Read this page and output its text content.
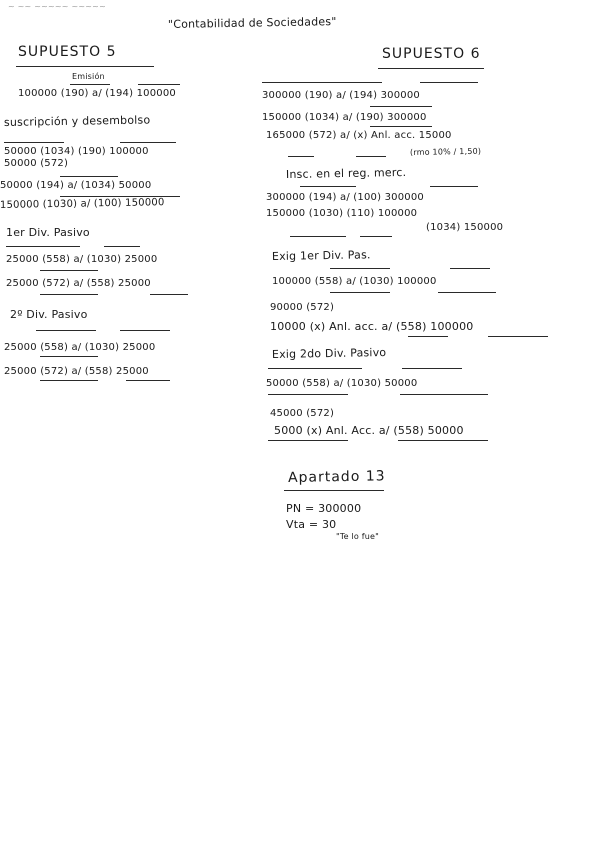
~ ~~ ~~~~~ ~~~~~
"Contabilidad de Sociedades"
SUPUESTO 5
Emisión
100000 (190) a/ (194) 100000
suscripción y desembolso
50000 (1034) (190) 100000
50000 (572)
50000 (194) a/ (1034) 50000
150000 (1030) a/ (100) 150000
1er Div. Pasivo
25000 (558) a/ (1030) 25000
25000 (572) a/ (558) 25000
2º Div. Pasivo
25000 (558) a/ (1030) 25000
25000 (572) a/ (558) 25000
SUPUESTO 6
300000 (190) a/ (194) 300000
150000 (1034) a/ (190) 300000
165000 (572) a/ (x) Anl. acc. 15000
(rmo 10% / 1,50)
Insc. en el reg. merc.
300000 (194) a/ (100) 300000
150000 (1030) (110) 100000
(1034) 150000
Exig 1er Div. Pas.
100000 (558) a/ (1030) 100000
90000 (572)
10000 (x) Anl. acc. a/ (558) 100000
Exig 2do Div. Pasivo
50000 (558) a/ (1030) 50000
45000 (572)
5000 (x) Anl. Acc. a/ (558) 50000
Apartado 13
PN = 300000
Vta = 30
"Te lo fue"
